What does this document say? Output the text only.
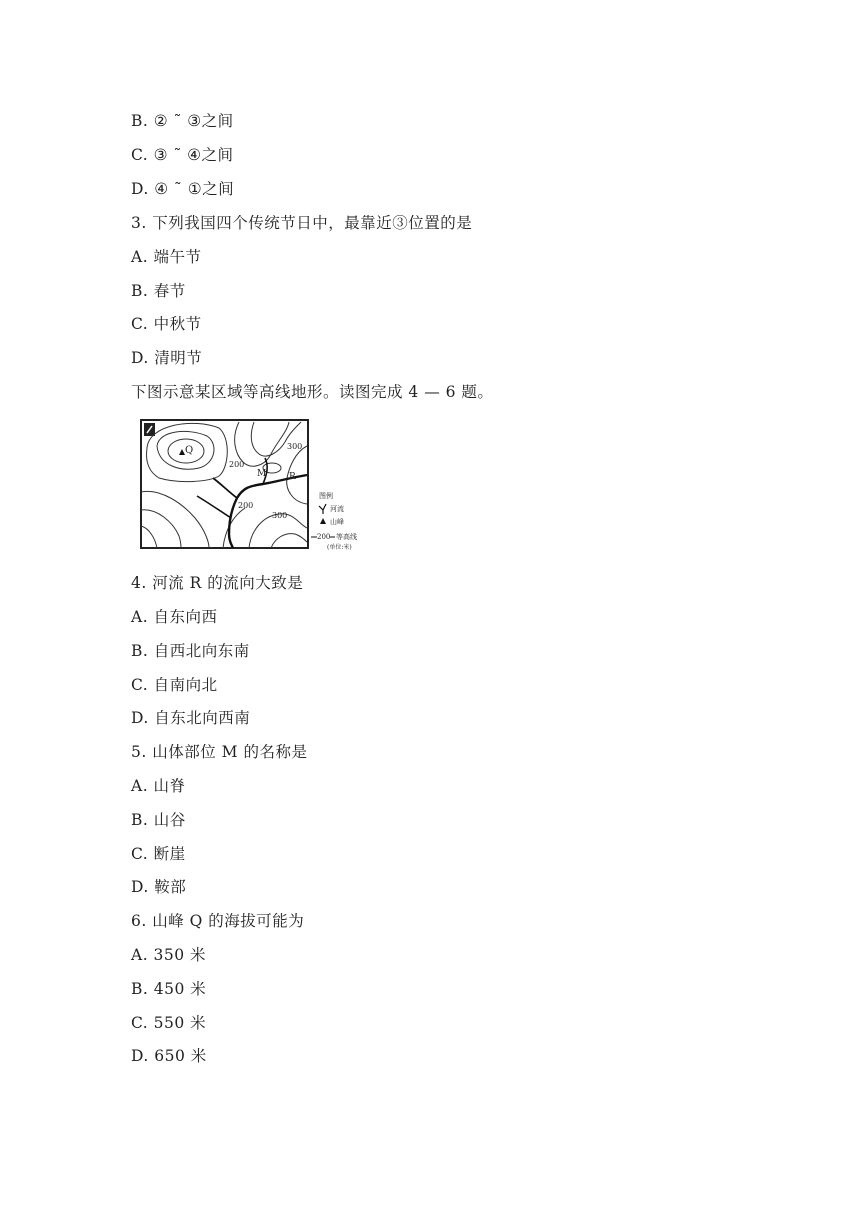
B. ② ˜ ③之间
C. ③ ˜ ④之间
D. ④ ˜ ①之间
3. 下列我国四个传统节日中，最靠近③位置的是
A. 端午节
B. 春节
C. 中秋节
D. 清明节
下图示意某区域等高线地形。读图完成 4 — 6 题。
Q
M	R
200
300
200
300
图例
河流
山峰
200 等高线
(单位:米)
4. 河流 R 的流向大致是
A. 自东向西
B. 自西北向东南
C. 自南向北
D. 自东北向西南
5. 山体部位 M 的名称是
A. 山脊
B. 山谷
C. 断崖
D. 鞍部
6. 山峰 Q 的海拔可能为
A. 350 米
B. 450 米
C. 550 米
D. 650 米
